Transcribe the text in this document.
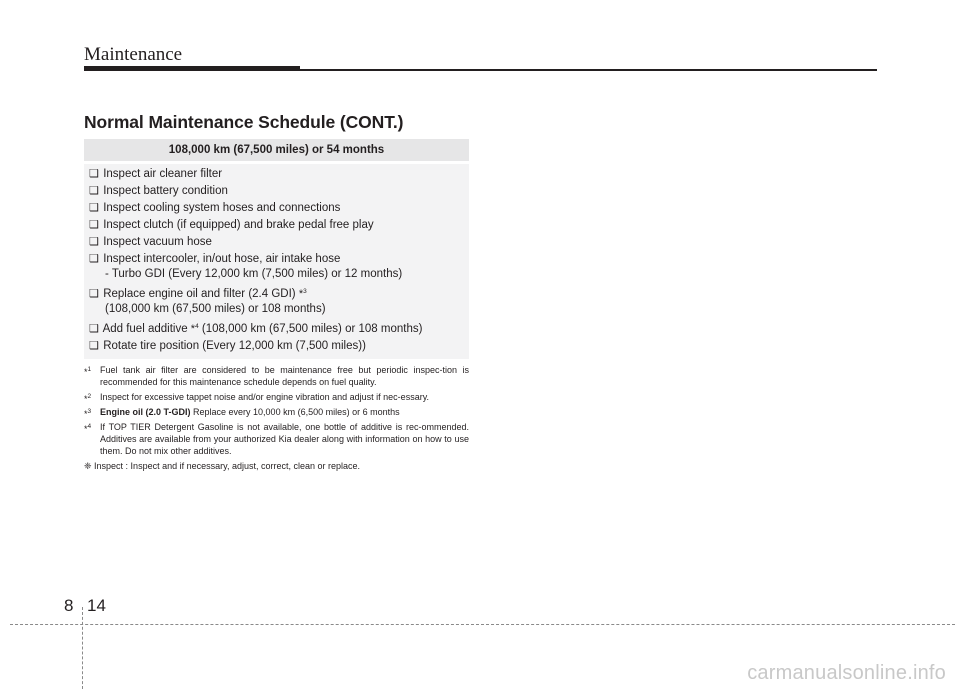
Maintenance
Normal Maintenance Schedule (CONT.)
108,000 km (67,500 miles) or 54 months
❑ Inspect air cleaner filter
❑ Inspect battery condition
❑ Inspect cooling system hoses and connections
❑ Inspect clutch (if equipped) and brake pedal free play
❑ Inspect vacuum hose
❑ Inspect intercooler, in/out hose, air intake hose
- Turbo GDI (Every 12,000 km (7,500 miles) or 12 months)
❑ Replace engine oil and filter (2.4 GDI) *$^3$
(108,000 km (67,500 miles) or 108 months)
❑ Add fuel additive *$^4$ (108,000 km (67,500 miles) or 108 months)
❑ Rotate tire position (Every 12,000 km (7,500 miles))
*$^1$ Fuel tank air filter are considered to be maintenance free but periodic inspec-tion is recommended for this maintenance schedule depends on fuel quality.
*$^2$ Inspect for excessive tappet noise and/or engine vibration and adjust if nec-essary.
*$^3$ Engine oil (2.0 T-GDI) Replace every 10,000 km (6,500 miles) or 6 months
*$^4$ If TOP TIER Detergent Gasoline is not available, one bottle of additive is rec-ommended. Additives are available from your authorized Kia dealer along with information on how to use them. Do not mix other additives.
❈ Inspect : Inspect and if necessary, adjust, correct, clean or replace.
8 14
carmanualsonline.info
